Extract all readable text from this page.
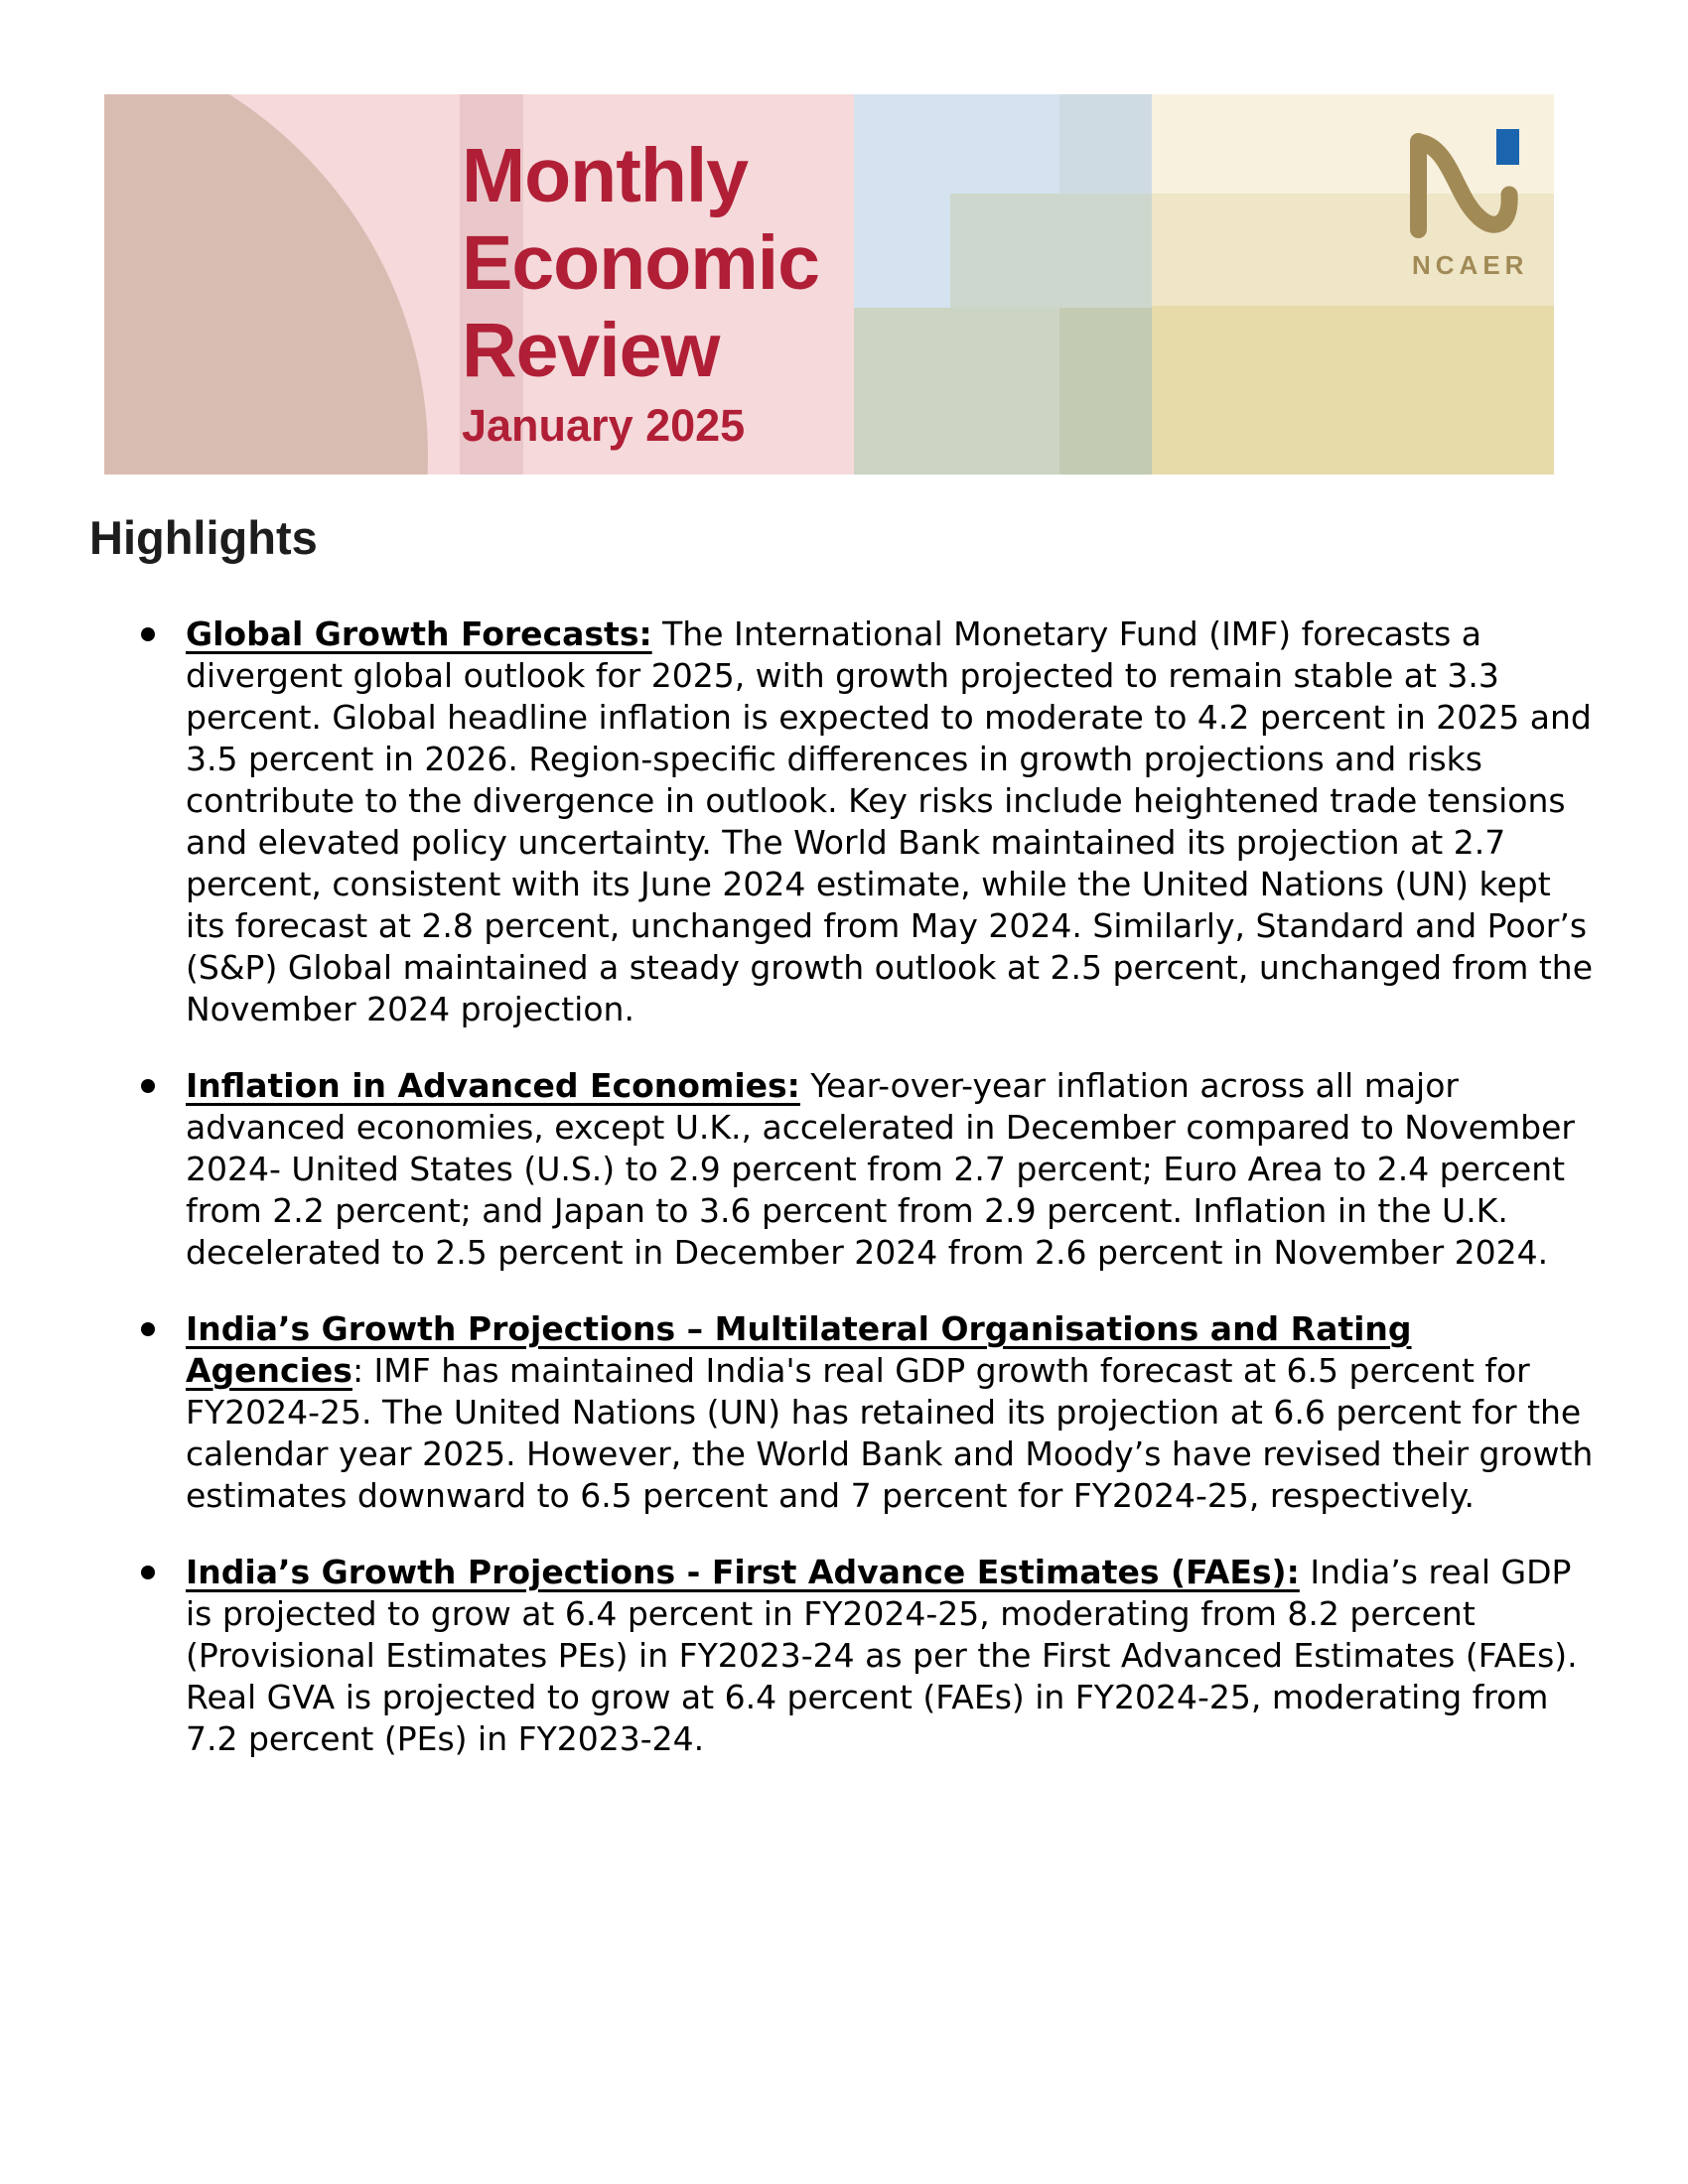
Monthly
Economic
Review
January 2025
NCAER
Highlights
Global Growth Forecasts: The International Monetary Fund (IMF) forecasts a divergent global outlook for 2025, with growth projected to remain stable at 3.3 percent. Global headline inflation is expected to moderate to 4.2 percent in 2025 and 3.5 percent in 2026. Region-specific differences in growth projections and risks contribute to the divergence in outlook. Key risks include heightened trade tensions and elevated policy uncertainty. The World Bank maintained its projection at 2.7 percent, consistent with its June 2024 estimate, while the United Nations (UN) kept its forecast at 2.8 percent, unchanged from May 2024. Similarly, Standard and Poor’s (S&P) Global maintained a steady growth outlook at 2.5 percent, unchanged from the November 2024 projection.
Inflation in Advanced Economies: Year-over-year inflation across all major advanced economies, except U.K., accelerated in December compared to November 2024- United States (U.S.) to 2.9 percent from 2.7 percent; Euro Area to 2.4 percent from 2.2 percent; and Japan to 3.6 percent from 2.9 percent. Inflation in the U.K. decelerated to 2.5 percent in December 2024 from 2.6 percent in November 2024.
India’s Growth Projections – Multilateral Organisations and Rating Agencies: IMF has maintained India's real GDP growth forecast at 6.5 percent for FY2024-25. The United Nations (UN) has retained its projection at 6.6 percent for the calendar year 2025. However, the World Bank and Moody’s have revised their growth estimates downward to 6.5 percent and 7 percent for FY2024-25, respectively.
India’s Growth Projections - First Advance Estimates (FAEs): India’s real GDP is projected to grow at 6.4 percent in FY2024-25, moderating from 8.2 percent (Provisional Estimates PEs) in FY2023-24 as per the First Advanced Estimates (FAEs). Real GVA is projected to grow at 6.4 percent (FAEs) in FY2024-25, moderating from 7.2 percent (PEs) in FY2023-24.
